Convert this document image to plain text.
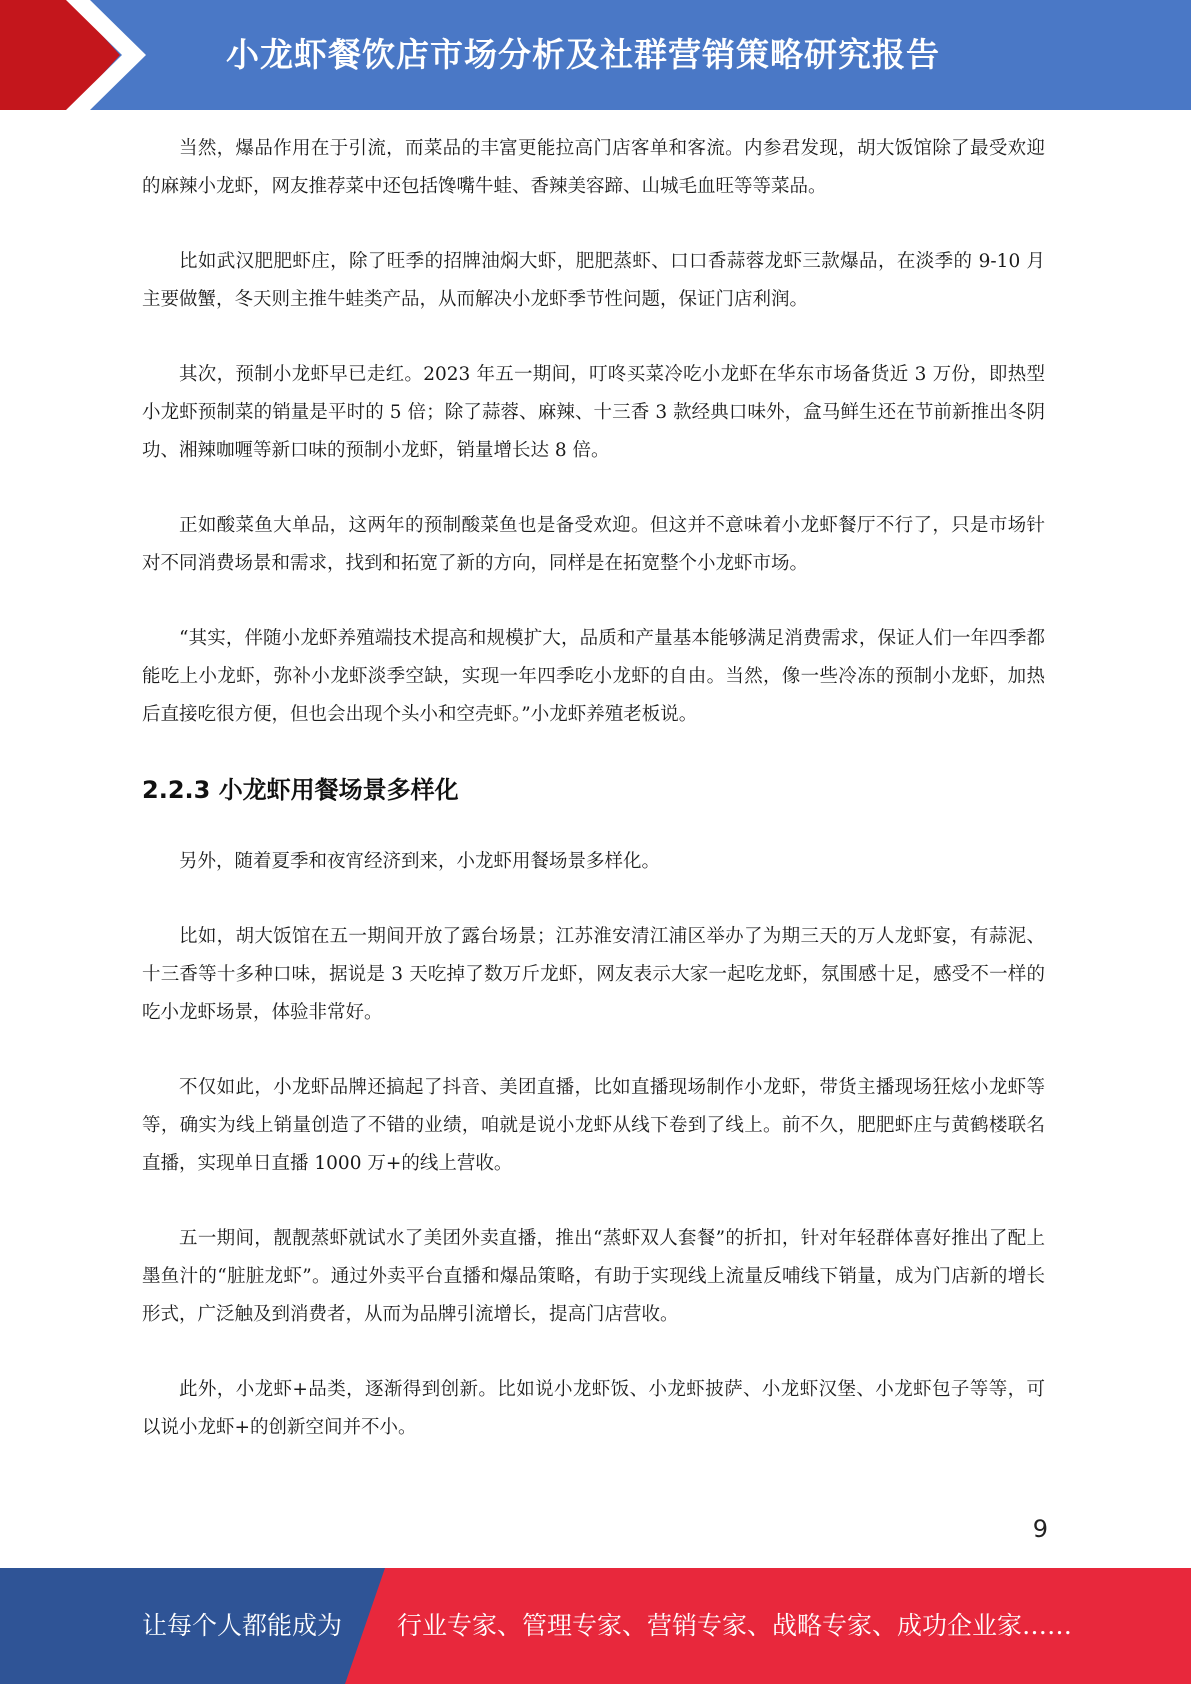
小龙虾餐饮店市场分析及社群营销策略研究报告

当然，爆品作用在于引流，而菜品的丰富更能拉高门店客单和客流。内参君发现，胡大饭馆除了最受欢迎的麻辣小龙虾，网友推荐菜中还包括馋嘴牛蛙、香辣美容蹄、山城毛血旺等等菜品。

比如武汉肥肥虾庄，除了旺季的招牌油焖大虾，肥肥蒸虾、口口香蒜蓉龙虾三款爆品，在淡季的 9-10 月主要做蟹，冬天则主推牛蛙类产品，从而解决小龙虾季节性问题，保证门店利润。

其次，预制小龙虾早已走红。2023 年五一期间，叮咚买菜冷吃小龙虾在华东市场备货近 3 万份，即热型小龙虾预制菜的销量是平时的 5 倍；除了蒜蓉、麻辣、十三香 3 款经典口味外，盒马鲜生还在节前新推出冬阴功、湘辣咖喱等新口味的预制小龙虾，销量增长达 8 倍。

正如酸菜鱼大单品，这两年的预制酸菜鱼也是备受欢迎。但这并不意味着小龙虾餐厅不行了，只是市场针对不同消费场景和需求，找到和拓宽了新的方向，同样是在拓宽整个小龙虾市场。

“其实，伴随小龙虾养殖端技术提高和规模扩大，品质和产量基本能够满足消费需求，保证人们一年四季都能吃上小龙虾，弥补小龙虾淡季空缺，实现一年四季吃小龙虾的自由。当然，像一些冷冻的预制小龙虾，加热后直接吃很方便，但也会出现个头小和空壳虾。”小龙虾养殖老板说。

2.2.3 小龙虾用餐场景多样化

另外，随着夏季和夜宵经济到来，小龙虾用餐场景多样化。

比如，胡大饭馆在五一期间开放了露台场景；江苏淮安清江浦区举办了为期三天的万人龙虾宴，有蒜泥、十三香等十多种口味，据说是 3 天吃掉了数万斤龙虾，网友表示大家一起吃龙虾，氛围感十足，感受不一样的吃小龙虾场景，体验非常好。

不仅如此，小龙虾品牌还搞起了抖音、美团直播，比如直播现场制作小龙虾，带货主播现场狂炫小龙虾等等，确实为线上销量创造了不错的业绩，咱就是说小龙虾从线下卷到了线上。前不久，肥肥虾庄与黄鹤楼联名直播，实现单日直播 1000 万+的线上营收。

五一期间，靓靓蒸虾就试水了美团外卖直播，推出“蒸虾双人套餐”的折扣，针对年轻群体喜好推出了配上墨鱼汁的“脏脏龙虾”。通过外卖平台直播和爆品策略，有助于实现线上流量反哺线下销量，成为门店新的增长形式，广泛触及到消费者，从而为品牌引流增长，提高门店营收。

此外，小龙虾+品类，逐渐得到创新。比如说小龙虾饭、小龙虾披萨、小龙虾汉堡、小龙虾包子等等，可以说小龙虾+的创新空间并不小。

9
让每个人都能成为 行业专家、管理专家、营销专家、战略专家、成功企业家……
